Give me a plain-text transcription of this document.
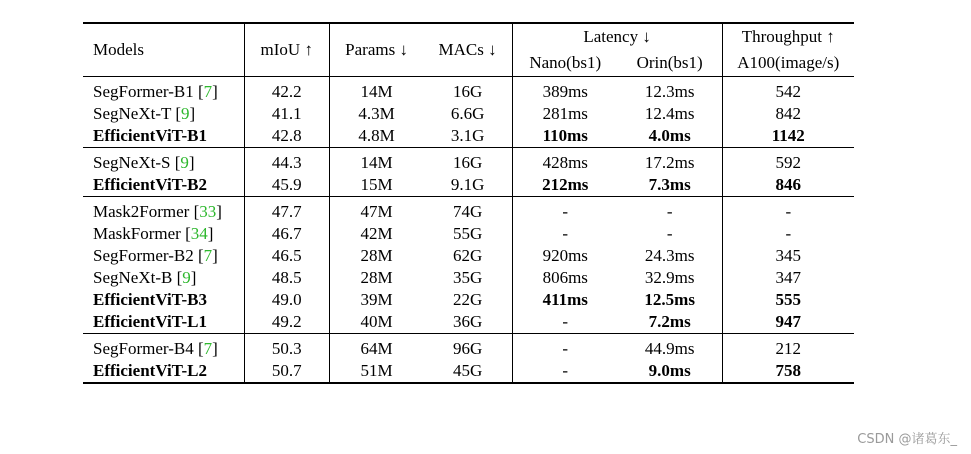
Models	mIoU ↑	Params ↓	MACs ↓	Latency ↓		Throughput ↑
				Nano(bs1)	Orin(bs1)	A100(image/s)
SegFormer-B1 [7]	42.2	14M	16G	389ms	12.3ms	542
SegNeXt-T [9]	41.1	4.3M	6.6G	281ms	12.4ms	842
EfficientViT-B1	42.8	4.8M	3.1G	110ms	4.0ms	1142
SegNeXt-S [9]	44.3	14M	16G	428ms	17.2ms	592
EfficientViT-B2	45.9	15M	9.1G	212ms	7.3ms	846
Mask2Former [33]	47.7	47M	74G	-	-	-
MaskFormer [34]	46.7	42M	55G	-	-	-
SegFormer-B2 [7]	46.5	28M	62G	920ms	24.3ms	345
SegNeXt-B [9]	48.5	28M	35G	806ms	32.9ms	347
EfficientViT-B3	49.0	39M	22G	411ms	12.5ms	555
EfficientViT-L1	49.2	40M	36G	-	7.2ms	947
SegFormer-B4 [7]	50.3	64M	96G	-	44.9ms	212
EfficientViT-L2	50.7	51M	45G	-	9.0ms	758
CSDN @诸葛东_
